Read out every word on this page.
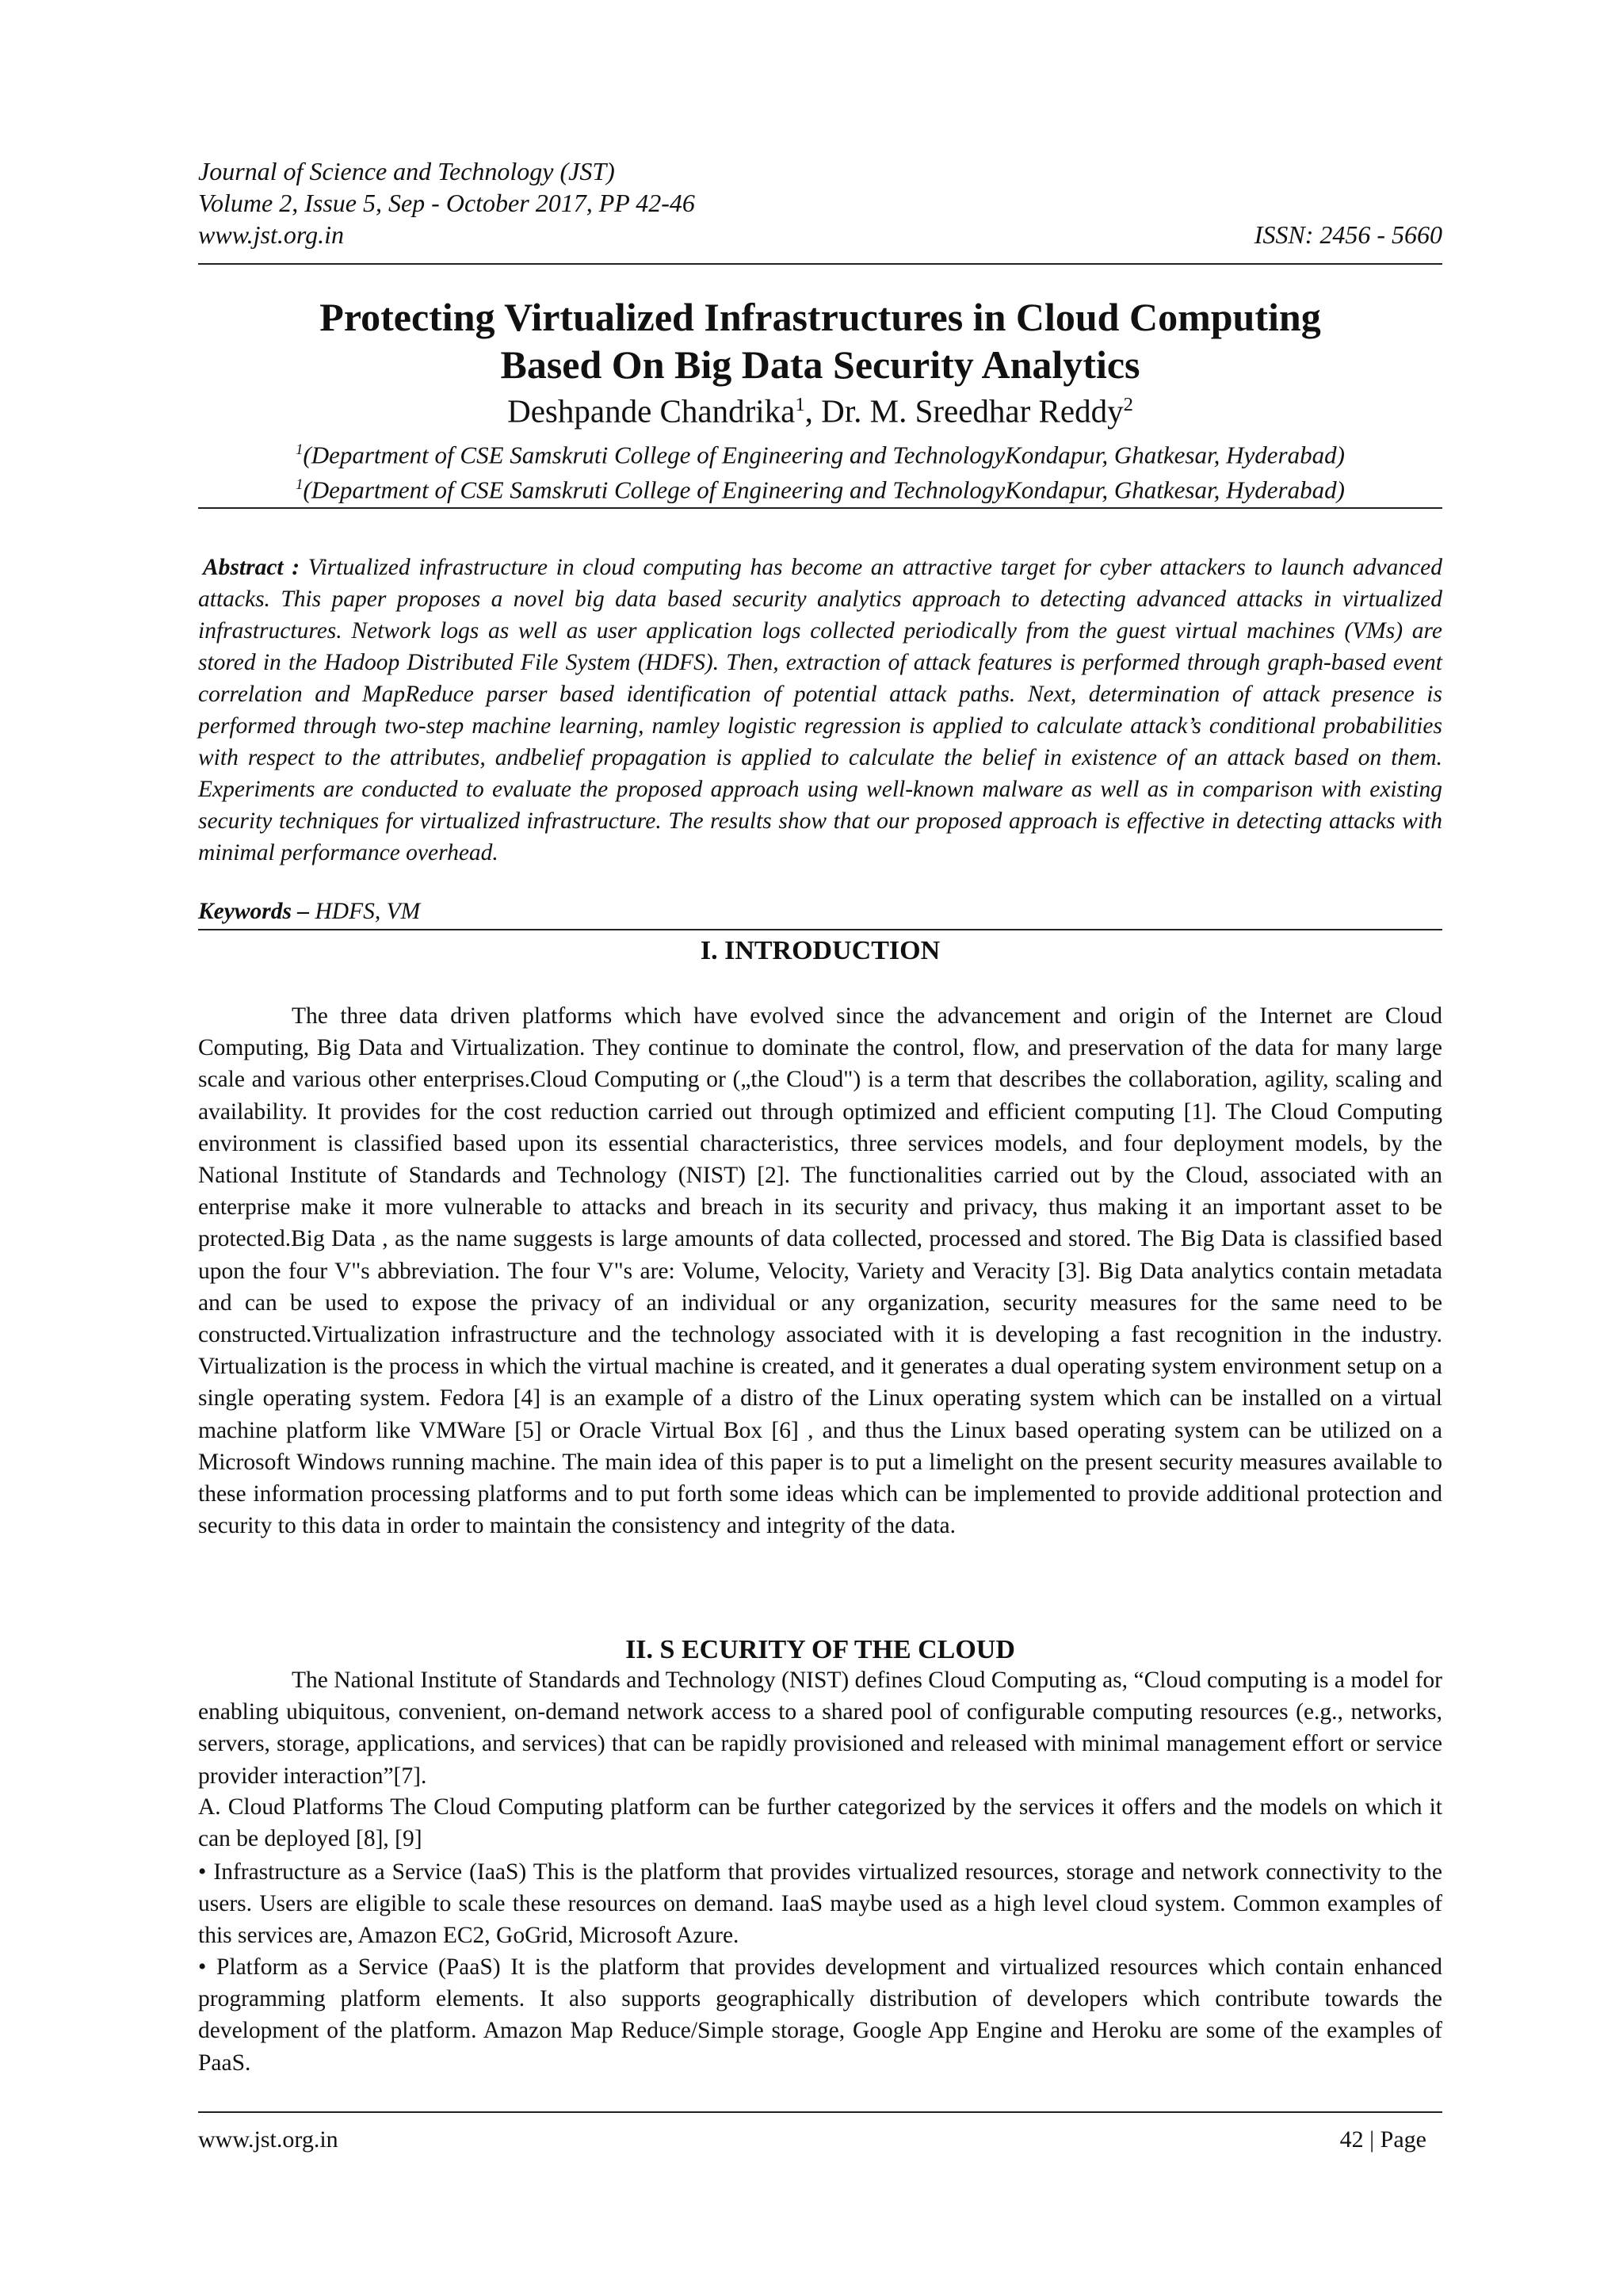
Journal of Science and Technology (JST)
Volume 2, Issue 5, Sep - October 2017, PP 42-46
www.jst.org.in	ISSN: 2456 - 5660
Protecting Virtualized Infrastructures in Cloud Computing
Based On Big Data Security Analytics
Deshpande Chandrika$^1$, Dr. M. Sreedhar Reddy$^2$
$^1$(Department of CSE Samskruti College of Engineering and TechnologyKondapur, Ghatkesar, Hyderabad)
$^1$(Department of CSE Samskruti College of Engineering and TechnologyKondapur, Ghatkesar, Hyderabad)
Abstract : Virtualized infrastructure in cloud computing has become an attractive target for cyber attackers to launch advanced attacks. This paper proposes a novel big data based security analytics approach to detecting advanced attacks in virtualized infrastructures. Network logs as well as user application logs collected periodically from the guest virtual machines (VMs) are stored in the Hadoop Distributed File System (HDFS). Then, extraction of attack features is performed through graph-based event correlation and MapReduce parser based identification of potential attack paths. Next, determination of attack presence is performed through two-step machine learning, namley logistic regression is applied to calculate attack’s conditional probabilities with respect to the attributes, andbelief propagation is applied to calculate the belief in existence of an attack based on them. Experiments are conducted to evaluate the proposed approach using well-known malware as well as in comparison with existing security techniques for virtualized infrastructure. The results show that our proposed approach is effective in detecting attacks with minimal performance overhead.
Keywords – HDFS, VM
I. INTRODUCTION
The three data driven platforms which have evolved since the advancement and origin of the Internet are Cloud Computing, Big Data and Virtualization. They continue to dominate the control, flow, and preservation of the data for many large scale and various other enterprises.Cloud Computing or („the Cloud") is a term that describes the collaboration, agility, scaling and availability. It provides for the cost reduction carried out through optimized and efficient computing [1]. The Cloud Computing environment is classified based upon its essential characteristics, three services models, and four deployment models, by the National Institute of Standards and Technology (NIST) [2]. The functionalities carried out by the Cloud, associated with an enterprise make it more vulnerable to attacks and breach in its security and privacy, thus making it an important asset to be protected.Big Data , as the name suggests is large amounts of data collected, processed and stored. The Big Data is classified based upon the four V"s abbreviation. The four V"s are: Volume, Velocity, Variety and Veracity [3]. Big Data analytics contain metadata and can be used to expose the privacy of an individual or any organization, security measures for the same need to be constructed.Virtualization infrastructure and the technology associated with it is developing a fast recognition in the industry. Virtualization is the process in which the virtual machine is created, and it generates a dual operating system environment setup on a single operating system. Fedora [4] is an example of a distro of the Linux operating system which can be installed on a virtual machine platform like VMWare [5] or Oracle Virtual Box [6] , and thus the Linux based operating system can be utilized on a Microsoft Windows running machine. The main idea of this paper is to put a limelight on the present security measures available to these information processing platforms and to put forth some ideas which can be implemented to provide additional protection and security to this data in order to maintain the consistency and integrity of the data.
II. S ECURITY OF THE CLOUD
The National Institute of Standards and Technology (NIST) defines Cloud Computing as, “Cloud computing is a model for enabling ubiquitous, convenient, on-demand network access to a shared pool of configurable computing resources (e.g., networks, servers, storage, applications, and services) that can be rapidly provisioned and released with minimal management effort or service provider interaction”[7].
A. Cloud Platforms The Cloud Computing platform can be further categorized by the services it offers and the models on which it can be deployed [8], [9]
• Infrastructure as a Service (IaaS) This is the platform that provides virtualized resources, storage and network connectivity to the users. Users are eligible to scale these resources on demand. IaaS maybe used as a high level cloud system. Common examples of this services are, Amazon EC2, GoGrid, Microsoft Azure.
• Platform as a Service (PaaS) It is the platform that provides development and virtualized resources which contain enhanced programming platform elements. It also supports geographically distribution of developers which contribute towards the development of the platform. Amazon Map Reduce/Simple storage, Google App Engine and Heroku are some of the examples of PaaS.
www.jst.org.in	42 | Page
